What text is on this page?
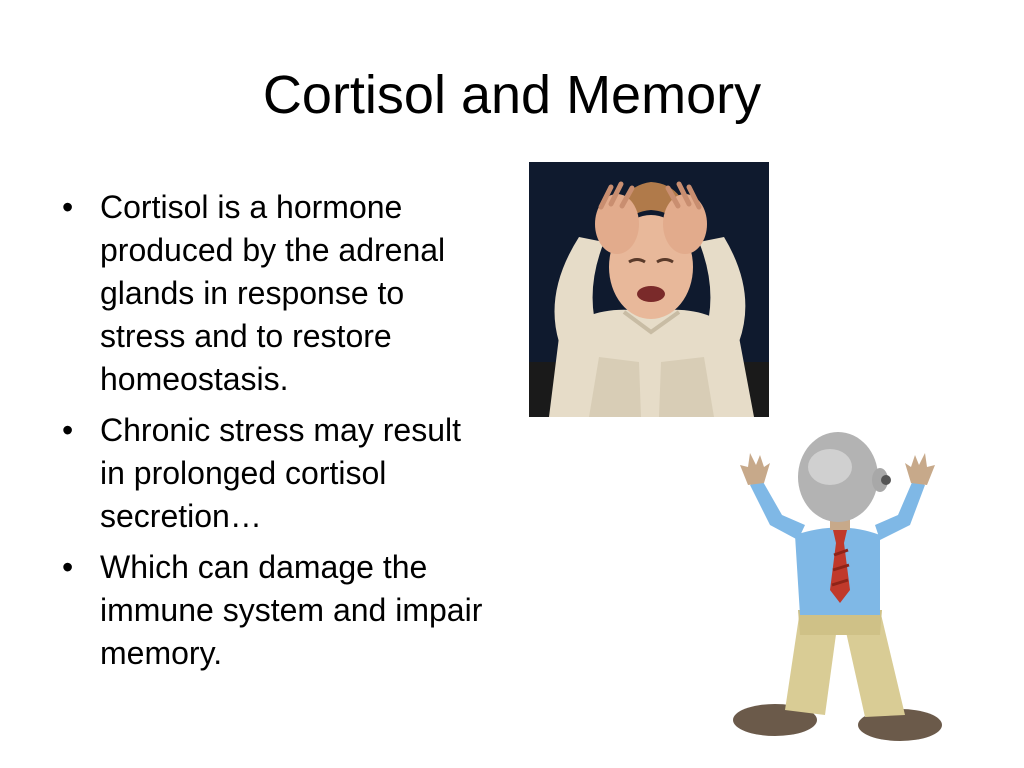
Cortisol and Memory
• Cortisol is a hormone produced by the adrenal glands in response to stress and to restore homeostasis.
• Chronic stress may result in prolonged cortisol secretion…
• Which can damage the immune system and impair memory.
